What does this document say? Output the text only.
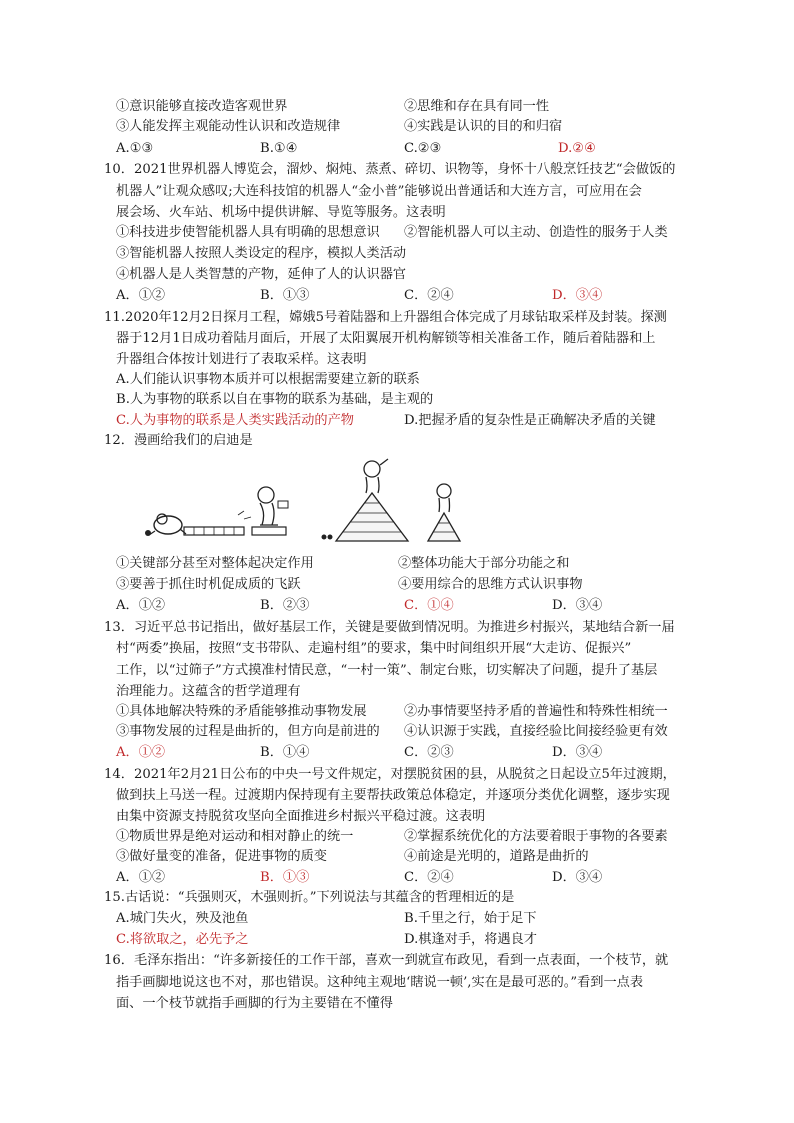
①意识能够直接改造客观世界	②思维和存在具有同一性
③人能发挥主观能动性认识和改造规律	④实践是认识的目的和归宿
A.①③	B.①④	C.②③	D.②④
10．2021世界机器人博览会，溜炒、焖炖、蒸煮、碎切、识物等，身怀十八般烹饪技艺“会做饭的
机器人”让观众感叹;大连科技馆的机器人“金小普”能够说出普通话和大连方言，可应用在会
展会场、火车站、机场中提供讲解、导览等服务。这表明
①科技进步使智能机器人具有明确的思想意识 ②智能机器人可以主动、创造性的服务于人类
③智能机器人按照人类设定的程序，模拟人类活动
④机器人是人类智慧的产物，延伸了人的认识器官
A．①②	B．①③	C．②④	D．③④
11.2020年12月2日探月工程，嫦娥5号着陆器和上升器组合体完成了月球钻取采样及封装。探测
器于12月1日成功着陆月面后，开展了太阳翼展开机构解锁等相关准备工作，随后着陆器和上
升器组合体按计划进行了表取采样。这表明
A.人们能认识事物本质并可以根据需要建立新的联系
B.人为事物的联系以自在事物的联系为基础，是主观的
C.人为事物的联系是人类实践活动的产物	D.把握矛盾的复杂性是正确解决矛盾的关键
12．漫画给我们的启迪是
①关键部分甚至对整体起决定作用	②整体功能大于部分功能之和
③要善于抓住时机促成质的飞跃	④要用综合的思维方式认识事物
A．①②	B．②③	C．①④	D．③④
13．习近平总书记指出，做好基层工作，关键是要做到情况明。为推进乡村振兴，某地结合新一届
村“两委”换届，按照“支书带队、走遍村组”的要求，集中时间组织开展“大走访、促振兴”
工作，以“过筛子”方式摸准村情民意，“一村一策”、制定台账，切实解决了问题，提升了基层
治理能力。这蕴含的哲学道理有
①具体地解决特殊的矛盾能够推动事物发展	②办事情要坚持矛盾的普遍性和特殊性相统一
③事物发展的过程是曲折的，但方向是前进的 ④认识源于实践，直接经验比间接经验更有效
A．①②	B．①④	C．②③	D．③④
14．2021年2月21日公布的中央一号文件规定，对摆脱贫困的县，从脱贫之日起设立5年过渡期，
做到扶上马送一程。过渡期内保持现有主要帮扶政策总体稳定，并逐项分类优化调整，逐步实现
由集中资源支持脱贫攻坚向全面推进乡村振兴平稳过渡。这表明
①物质世界是绝对运动和相对静止的统一	②掌握系统优化的方法要着眼于事物的各要素
③做好量变的准备，促进事物的质变	④前途是光明的，道路是曲折的
A．①②	B．①③	C．②④	D．③④
15.古话说：“兵强则灭，木强则折。”下列说法与其蕴含的哲理相近的是
A.城门失火，殃及池鱼	B.千里之行，始于足下
C.将欲取之，必先予之	D.棋逢对手，将遇良才
16．毛泽东指出：“许多新接任的工作干部，喜欢一到就宣布政见，看到一点表面，一个枝节，就
指手画脚地说这也不对，那也错误。这种纯主观地‘瞎说一顿’,实在是最可恶的。”看到一点表
面、一个枝节就指手画脚的行为主要错在不懂得
